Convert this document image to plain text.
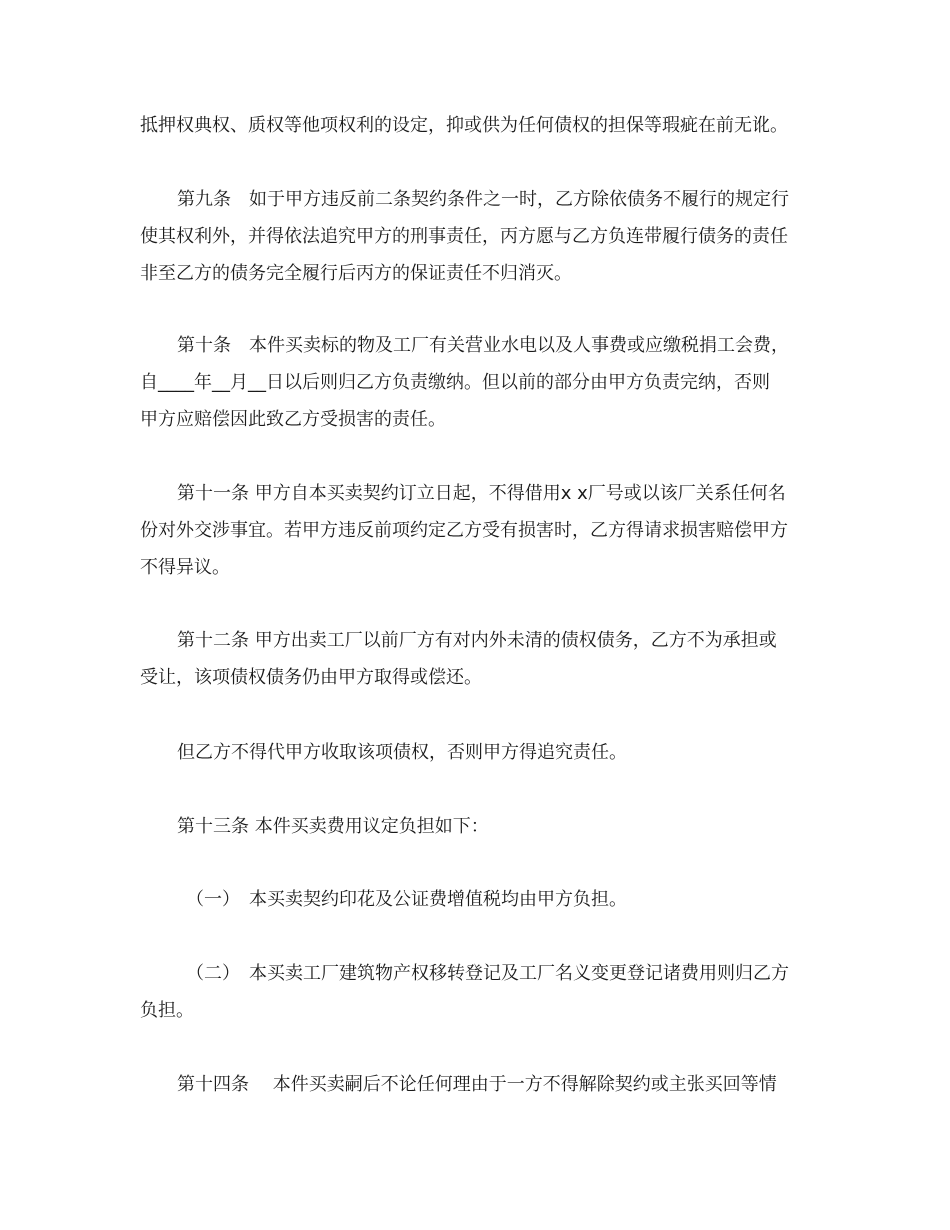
抵押权典权、质权等他项权利的设定，抑或供为任何债权的担保等瑕疵在前无讹。

第九条　如于甲方违反前二条契约条件之一时，乙方除依债务不履行的规定行
使其权利外，并得依法追究甲方的刑事责任，丙方愿与乙方负连带履行债务的责任
非至乙方的债务完全履行后丙方的保证责任不归消灭。

第十条　本件买卖标的物及工厂有关营业水电以及人事费或应缴税捐工会费，
自____年__月__日以后则归乙方负责缴纳。但以前的部分由甲方负责完纳，否则
甲方应赔偿因此致乙方受损害的责任。

第十一条 甲方自本买卖契约订立日起，不得借用x x厂号或以该厂关系任何名
份对外交涉事宜。若甲方违反前项约定乙方受有损害时，乙方得请求损害赔偿甲方
不得异议。

第十二条 甲方出卖工厂以前厂方有对内外未清的债权债务，乙方不为承担或
受让，该项债权债务仍由甲方取得或偿还。

但乙方不得代甲方收取该项债权，否则甲方得追究责任。

第十三条 本件买卖费用议定负担如下：

（一）　本买卖契约印花及公证费增值税均由甲方负担。

（二）　本买卖工厂建筑物产权移转登记及工厂名义变更登记诸费用则归乙方
负担。

第十四条　 本件买卖嗣后不论任何理由于一方不得解除契约或主张买回等情
